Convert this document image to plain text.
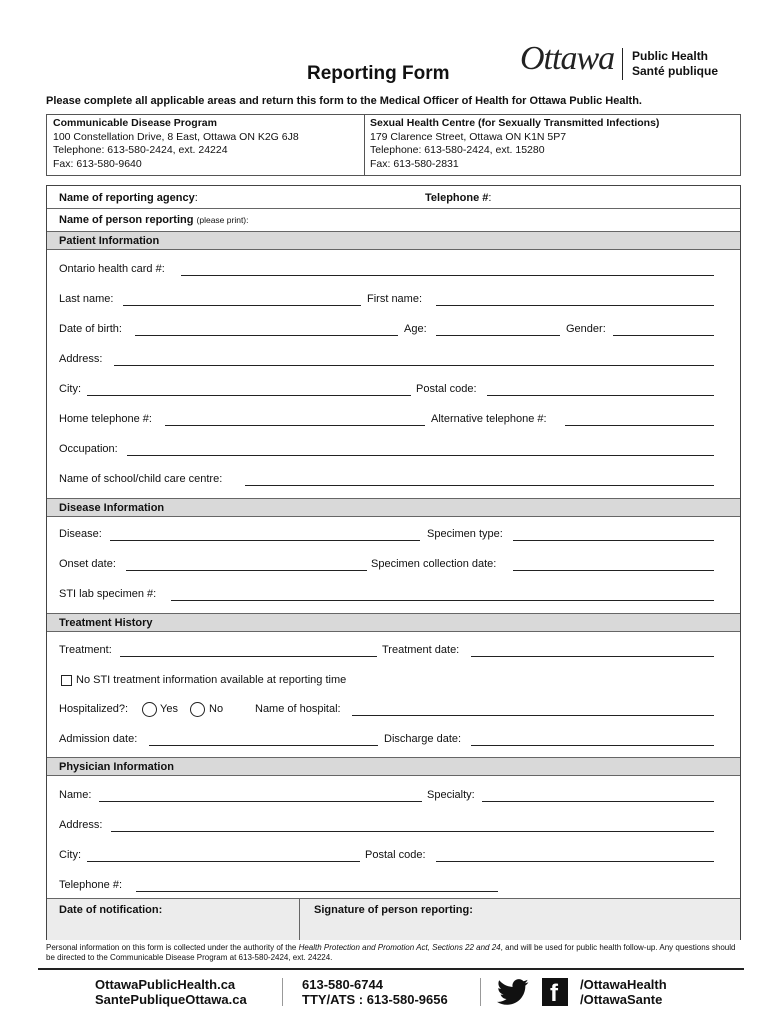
Reporting Form Ottawa Public Health
Santé publique
Please complete all applicable areas and return this form to the Medical Officer of Health for Ottawa Public Health.
Communicable Disease Program
100 Constellation Drive, 8 East, Ottawa ON K2G 6J8
Telephone: 613-580-2424, ext. 24224
Fax: 613-580-9640
Sexual Health Centre (for Sexually Transmitted Infections)
179 Clarence Street, Ottawa ON K1N 5P7
Telephone: 613-580-2424, ext. 15280
Fax: 613-580-2831
Name of reporting agency:	Telephone #:
Name of person reporting (please print):
Patient Information
Ontario health card #:
Last name:	First name:
Date of birth:	Age:	Gender:
Address:
City:	Postal code:
Home telephone #:	Alternative telephone #:
Occupation:
Name of school/child care centre:
Disease Information
Disease:	Specimen type:
Onset date:	Specimen collection date:
STI lab specimen #:
Treatment History
Treatment:	Treatment date:
No STI treatment information available at reporting time
Hospitalized?:	Yes	No	Name of hospital:
Admission date:	Discharge date:
Physician Information
Name:	Specialty:
Address:
City:	Postal code:
Telephone #:
Date of notification:	Signature of person reporting:
Personal information on this form is collected under the authority of the Health Protection and Promotion Act, Sections 22 and 24, and will be used for public health follow-up. Any questions should be directed to the Communicable Disease Program at 613-580-2424, ext. 24224.
OttawaPublicHealth.ca
SantePubliqueOttawa.ca
613-580-6744
TTY/ATS : 613-580-9656	f /OttawaHealth
/OttawaSante
